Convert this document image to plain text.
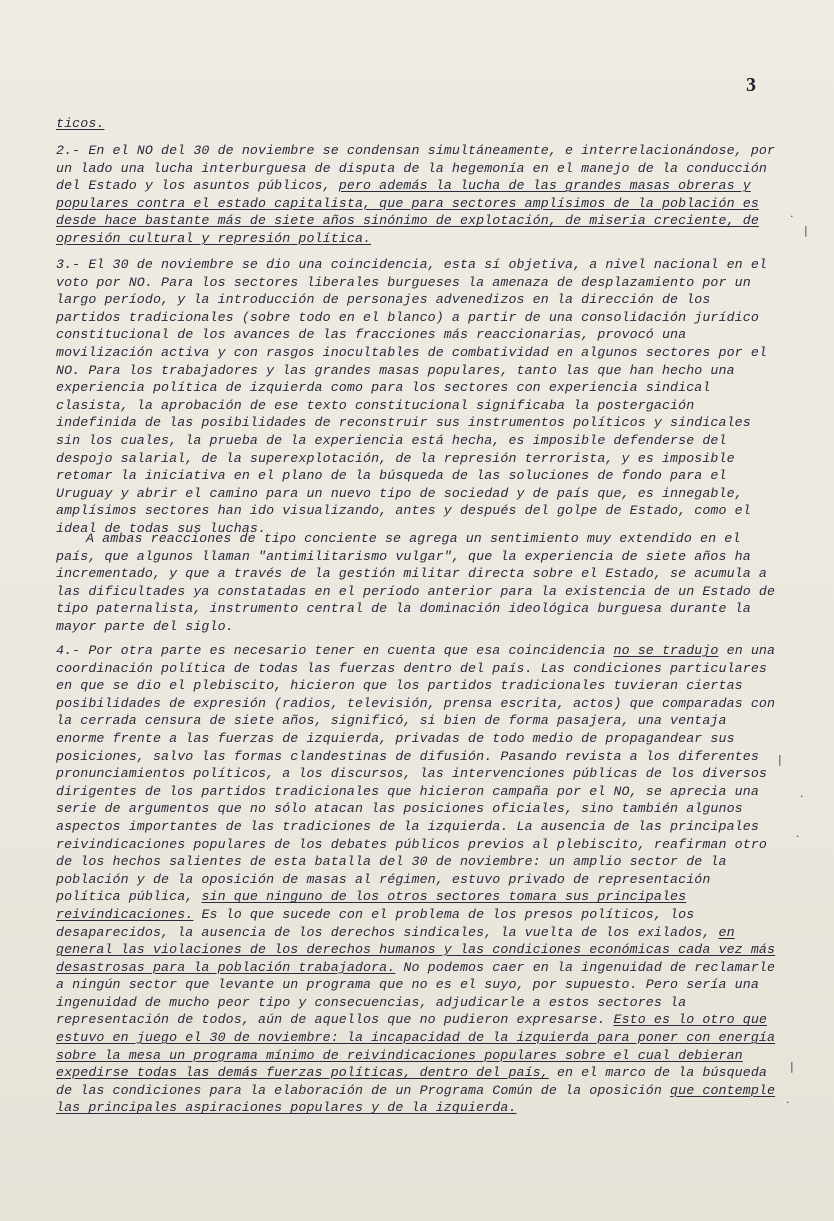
3

ticos.

2.- En el NO del 30 de noviembre se condensan simultáneamente, e interrelacionándose, por un lado una lucha interburguesa de disputa de la hegemonía en el manejo de la conducción del Estado y los asuntos públicos, pero además la lucha de las grandes masas obreras y populares contra el estado capitalista, que para sectores amplísimos de la población es desde hace bastante más de siete años sinónimo de explotación, de miseria creciente, de opresión cultural y represión política.

3.- El 30 de noviembre se dio una coincidencia, esta sí objetiva, a nivel nacional en el voto por NO. Para los sectores liberales burgueses la amenaza de desplazamiento por un largo período, y la introducción de personajes advenedizos en la dirección de los partidos tradicionales (sobre todo en el blanco) a partir de una consolidación jurídico constitucional de los avances de las fracciones más reaccionarias, provocó una movilización activa y con rasgos inocultables de combatividad en algunos sectores por el NO. Para los trabajadores y las grandes masas populares, tanto las que han hecho una experiencia política de izquierda como para los sectores con experiencia sindical clasista, la aprobación de ese texto constitucional significaba la postergación indefinida de las posibilidades de reconstruir sus instrumentos políticos y sindicales sin los cuales, la prueba de la experiencia está hecha, es imposible defenderse del despojo salarial, de la superexplotación, de la represión terrorista, y es imposible retomar la iniciativa en el plano de la búsqueda de las soluciones de fondo para el Uruguay y abrir el camino para un nuevo tipo de sociedad y de país que, es innegable, amplísimos sectores han ido visualizando, antes y después del golpe de Estado, como el ideal de todas sus luchas.

A ambas reacciones de tipo conciente se agrega un sentimiento muy extendido en el país, que algunos llaman "antimilitarismo vulgar", que la experiencia de siete años ha incrementado, y que a través de la gestión militar directa sobre el Estado, se acumula a las dificultades ya constatadas en el período anterior para la existencia de un Estado de tipo paternalista, instrumento central de la dominación ideológica burguesa durante la mayor parte del siglo.

4.- Por otra parte es necesario tener en cuenta que esa coincidencia no se tradujo en una coordinación política de todas las fuerzas dentro del país. Las condiciones particulares en que se dio el plebiscito, hicieron que los partidos tradicionales tuvieran ciertas posibilidades de expresión (radios, televisión, prensa escrita, actos) que comparadas con la cerrada censura de siete años, significó, si bien de forma pasajera, una ventaja enorme frente a las fuerzas de izquierda, privadas de todo medio de propagandear sus posiciones, salvo las formas clandestinas de difusión. Pasando revista a los diferentes pronunciamientos políticos, a los discursos, las intervenciones públicas de los diversos dirigentes de los partidos tradicionales que hicieron campaña por el NO, se aprecia una serie de argumentos que no sólo atacan las posiciones oficiales, sino también algunos aspectos importantes de las tradiciones de la izquierda. La ausencia de las principales reivindicaciones populares de los debates públicos previos al plebiscito, reafirman otro de los hechos salientes de esta batalla del 30 de noviembre: un amplio sector de la población y de la oposición de masas al régimen, estuvo privado de representación política pública, sin que ninguno de los otros sectores tomara sus principales reivindicaciones. Es lo que sucede con el problema de los presos políticos, los desaparecidos, la ausencia de los derechos sindicales, la vuelta de los exilados, en general las violaciones de los derechos humanos y las condiciones económicas cada vez más desastrosas para la población trabajadora. No podemos caer en la ingenuidad de reclamarle a ningún sector que levante un programa que no es el suyo, por supuesto. Pero sería una ingenuidad de mucho peor tipo y consecuencias, adjudicarle a estos sectores la representación de todos, aún de aquellos que no pudieron expresarse. Esto es lo otro que estuvo en juego el 30 de noviembre: la incapacidad de la izquierda para poner con energía sobre la mesa un programa mínimo de reivindicaciones populares sobre el cual debieran expedirse todas las demás fuerzas políticas, dentro del país, en el marco de la búsqueda de las condiciones para la elaboración de un Programa Común de la oposición que contemple las principales aspiraciones populares y de la izquierda.

·
|
|
·
·
|
·
